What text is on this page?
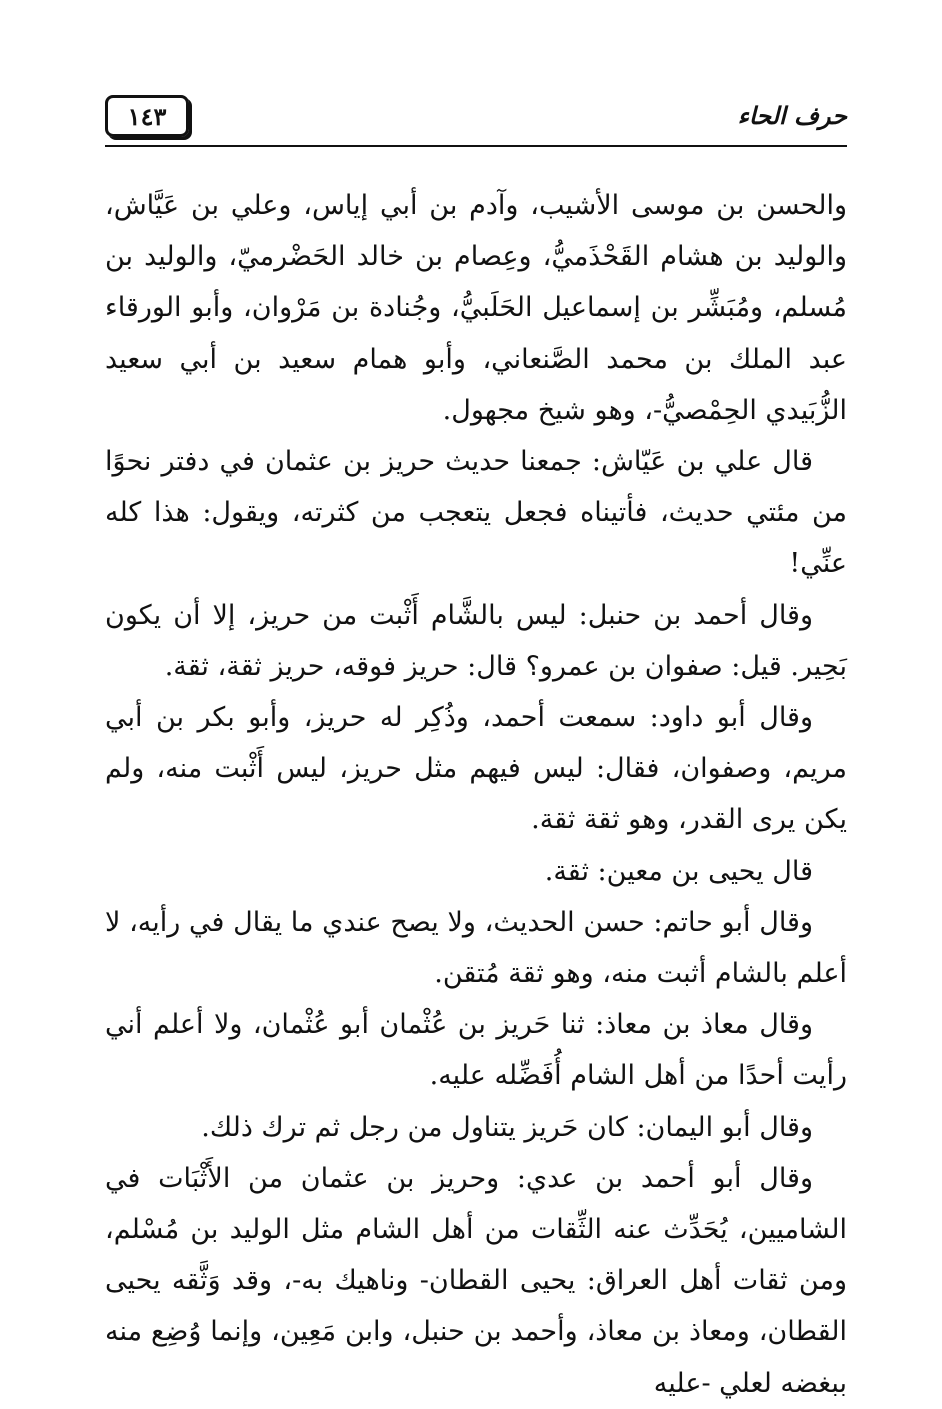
١٤٣	حرف الحاء

والحسن بن موسى الأشيب، وآدم بن أبي إياس، وعلي بن عَيَّاش، والوليد بن هشام القَحْذَميُّ، وعِصام بن خالد الحَضْرميّ، والوليد بن مُسلم، ومُبَشِّر بن إسماعيل الحَلَبيُّ، وجُنادة بن مَرْوان، وأبو الورقاء عبد الملك بن محمد الصَّنعاني، وأبو همام سعيد بن أبي سعيد الزُّبَيدي الحِمْصيُّ-، وهو شيخ مجهول.

قال علي بن عَيّاش: جمعنا حديث حريز بن عثمان في دفتر نحوًا من مئتي حديث، فأتيناه فجعل يتعجب من كثرته، ويقول: هذا كله عنِّي!

وقال أحمد بن حنبل: ليس بالشَّام أَثْبت من حريز، إلا أن يكون بَحِير. قيل: صفوان بن عمرو؟ قال: حريز فوقه، حريز ثقة، ثقة.

وقال أبو داود: سمعت أحمد، وذُكِر له حريز، وأبو بكر بن أبي مريم، وصفوان، فقال: ليس فيهم مثل حريز، ليس أَثْبت منه، ولم يكن يرى القدر، وهو ثقة ثقة.

قال يحيى بن معين: ثقة.

وقال أبو حاتم: حسن الحديث، ولا يصح عندي ما يقال في رأيه، لا أعلم بالشام أثبت منه، وهو ثقة مُتقن.

وقال معاذ بن معاذ: ثنا حَريز بن عُثْمان أبو عُثْمان، ولا أعلم أني رأيت أحدًا من أهل الشام أُفَضِّله عليه.

وقال أبو اليمان: كان حَريز يتناول من رجل ثم ترك ذلك.

وقال أبو أحمد بن عدي: وحريز بن عثمان من الأَثْبَات في الشاميين، يُحَدِّث عنه الثِّقات من أهل الشام مثل الوليد بن مُسْلم، ومن ثقات أهل العراق: يحيى القطان- وناهيك به-، وقد وَثَّقه يحيى القطان، ومعاذ بن معاذ، وأحمد بن حنبل، وابن مَعِين، وإنما وُضِع منه ببغضه لعلي -عليه
